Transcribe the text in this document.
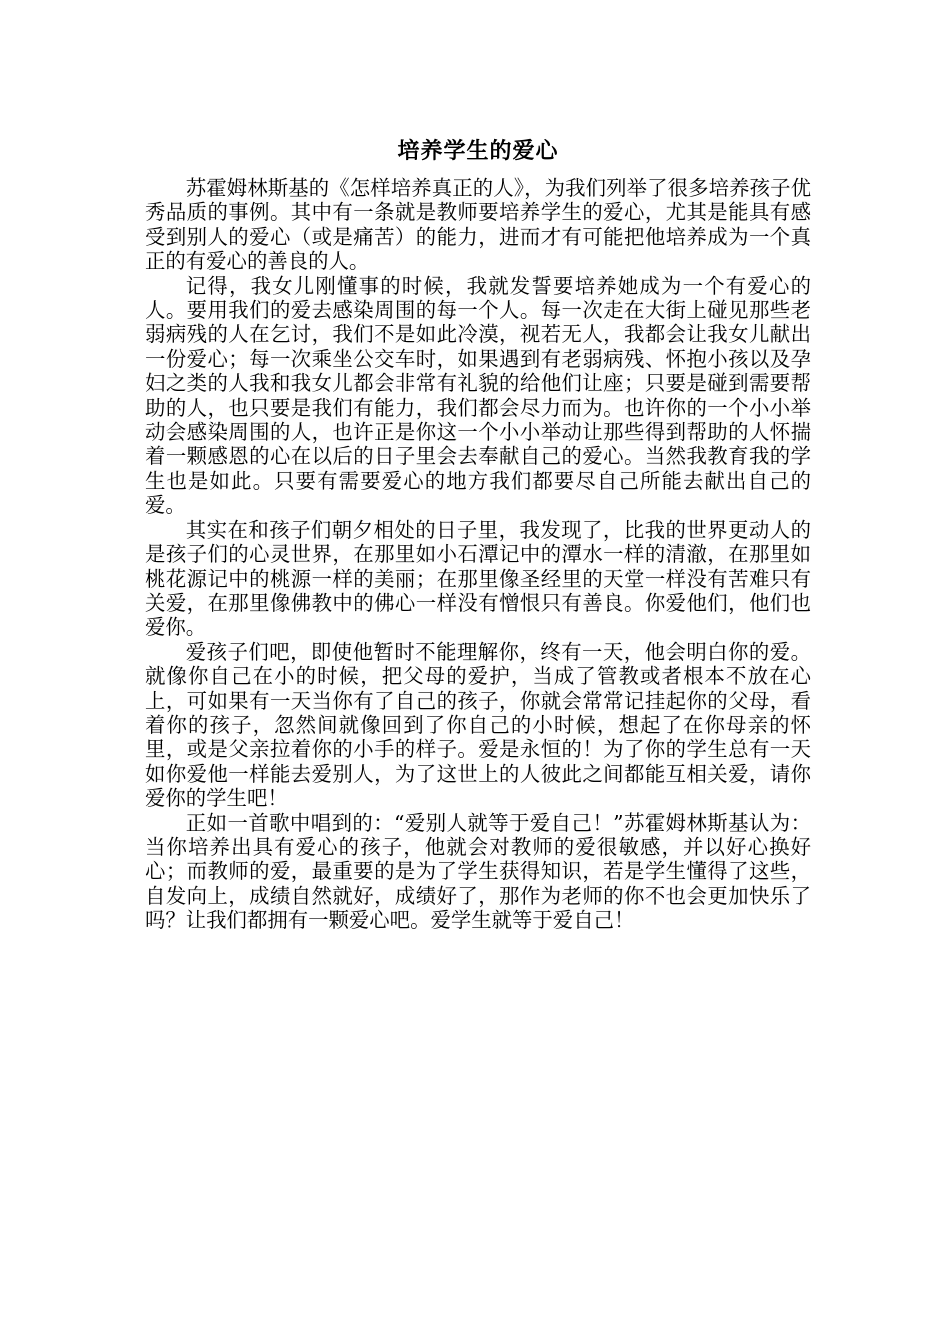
培养学生的爱心

苏霍姆林斯基的《怎样培养真正的人》，为我们列举了很多培养孩子优秀品质的事例。其中有一条就是教师要培养学生的爱心，尤其是能具有感受到别人的爱心（或是痛苦）的能力，进而才有可能把他培养成为一个真正的有爱心的善良的人。

记得，我女儿刚懂事的时候，我就发誓要培养她成为一个有爱心的人。要用我们的爱去感染周围的每一个人。每一次走在大街上碰见那些老弱病残的人在乞讨，我们不是如此冷漠，视若无人，我都会让我女儿献出一份爱心；每一次乘坐公交车时，如果遇到有老弱病残、怀抱小孩以及孕妇之类的人我和我女儿都会非常有礼貌的给他们让座；只要是碰到需要帮助的人，也只要是我们有能力，我们都会尽力而为。也许你的一个小小举动会感染周围的人，也许正是你这一个小小举动让那些得到帮助的人怀揣着一颗感恩的心在以后的日子里会去奉献自己的爱心。当然我教育我的学生也是如此。只要有需要爱心的地方我们都要尽自己所能去献出自己的爱。

其实在和孩子们朝夕相处的日子里，我发现了，比我的世界更动人的是孩子们的心灵世界，在那里如小石潭记中的潭水一样的清澈，在那里如桃花源记中的桃源一样的美丽；在那里像圣经里的天堂一样没有苦难只有关爱，在那里像佛教中的佛心一样没有憎恨只有善良。你爱他们，他们也爱你。

爱孩子们吧，即使他暂时不能理解你，终有一天，他会明白你的爱。就像你自己在小的时候，把父母的爱护，当成了管教或者根本不放在心上，可如果有一天当你有了自己的孩子，你就会常常记挂起你的父母，看着你的孩子，忽然间就像回到了你自己的小时候，想起了在你母亲的怀里，或是父亲拉着你的小手的样子。爱是永恒的！为了你的学生总有一天如你爱他一样能去爱别人，为了这世上的人彼此之间都能互相关爱，请你爱你的学生吧！

正如一首歌中唱到的：“爱别人就等于爱自己！”苏霍姆林斯基认为：当你培养出具有爱心的孩子，他就会对教师的爱很敏感，并以好心换好心；而教师的爱，最重要的是为了学生获得知识，若是学生懂得了这些，自发向上，成绩自然就好，成绩好了，那作为老师的你不也会更加快乐了吗？让我们都拥有一颗爱心吧。爱学生就等于爱自己！
